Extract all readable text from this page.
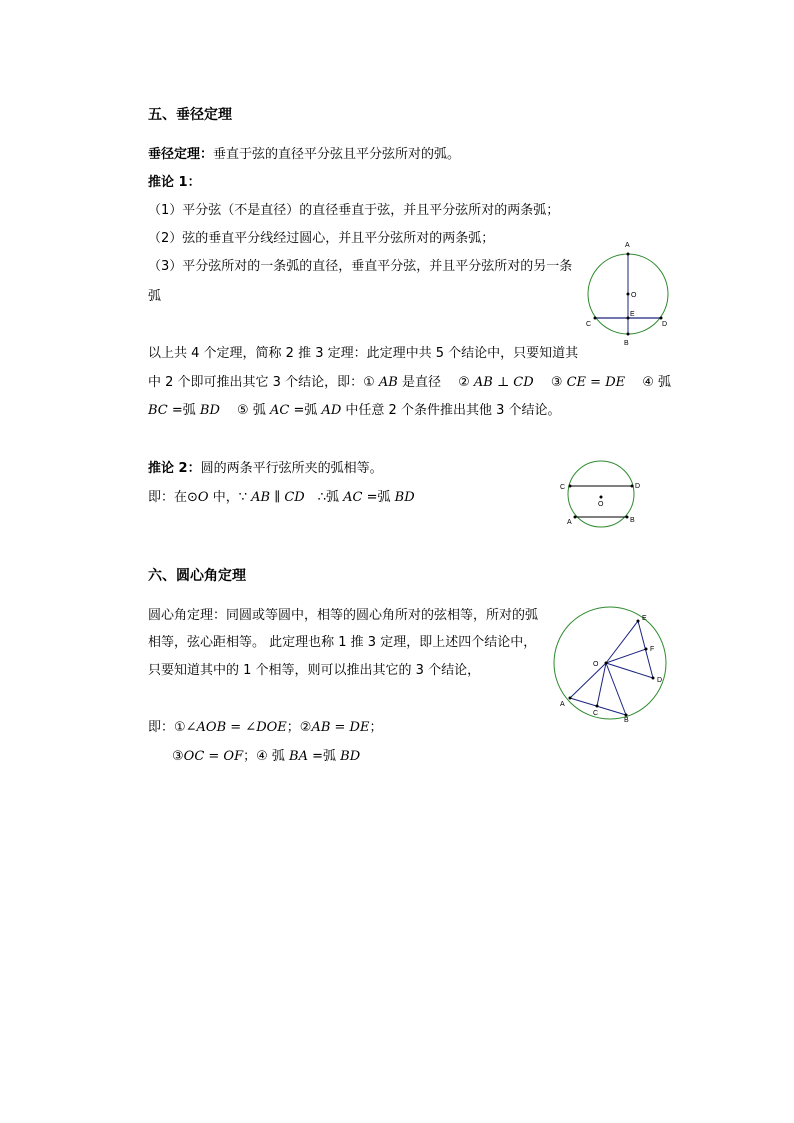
五、垂径定理
垂径定理：垂直于弦的直径平分弦且平分弦所对的弧。
推论 1：
（1）平分弦（不是直径）的直径垂直于弦，并且平分弦所对的两条弧；
（2）弦的垂直平分线经过圆心，并且平分弦所对的两条弧；
（3）平分弦所对的一条弧的直径，垂直平分弦，并且平分弦所对的另一条
弧
以上共 4 个定理，简称 2 推 3 定理：此定理中共 5 个结论中，只要知道其
中 2 个即可推出其它 3 个结论，即：① AB 是直径　 ② AB ⊥ CD　 ③ CE = DE　 ④ 弧
BC =弧 BD　 ⑤ 弧 AC =弧 AD 中任意 2 个条件推出其他 3 个结论。
推论 2：圆的两条平行弦所夹的弧相等。
即：在⊙O 中，∵ AB ∥ CD　∴弧 AC =弧 BD
A
O
E
C	D
B
C	D
O
A	B
六、圆心角定理
圆心角定理：同圆或等圆中，相等的圆心角所对的弦相等，所对的弧
相等，弦心距相等。 此定理也称 1 推 3 定理，即上述四个结论中，
只要知道其中的 1 个相等，则可以推出其它的 3 个结论，
即：①∠AOB = ∠DOE；②AB = DE；
③OC = OF；④ 弧 BA =弧 BD
E
F
O
D
A
C
B
